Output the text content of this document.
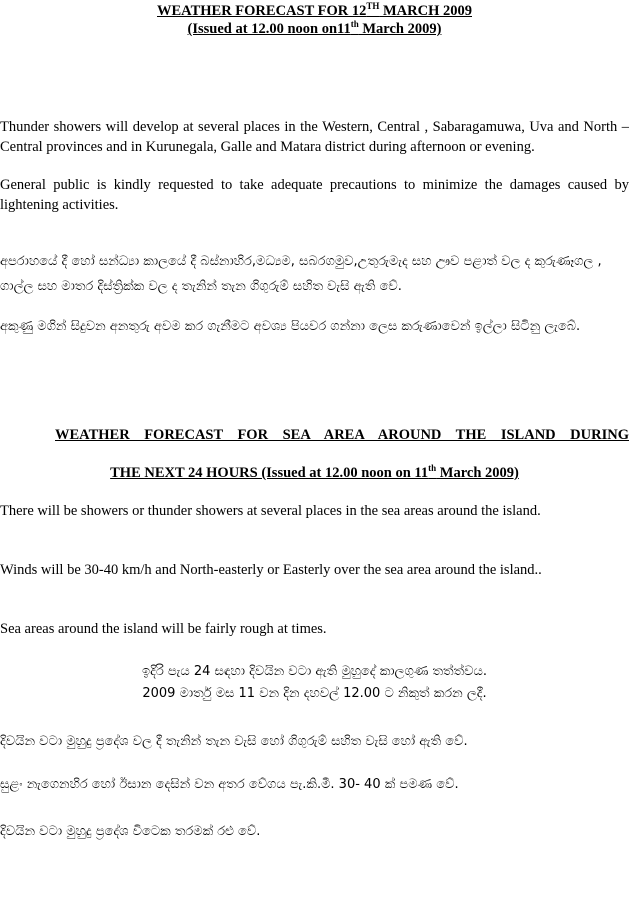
WEATHER FORECAST FOR 12TH MARCH 2009
(Issued at 12.00 noon on11th March 2009)
Thunder showers will develop at several places in the Western, Central , Sabaragamuwa, Uva and North –Central provinces and in Kurunegala, Galle and Matara district during afternoon or evening.
General public is kindly requested to take adequate precautions to minimize the damages caused by lightening activities.
අපරාහයේ දී හෝ සන්ධ්‍යා කාලයේ දී බස්නාහිර,මධ්‍යම, සබරගමුව,උතුරුමැද සහ ඌව පළාත් වල ද කුරුණෑගල , ගාල්ල සහ මාතර දිස්ත්‍රික්ක වල ද තැනින් තැන ගිගුරුම් සහිත වැසි ඇති වේ.
අකුණු මගින් සිදුවන අනතුරු අවම කර ගැනීමට අවශ්‍ය පියවර ගන්නා ලෙස කරුණාවෙන් ඉල්ලා සිටිනු ලැබේ.
WEATHER FORECAST FOR SEA AREA AROUND THE ISLAND DURING
THE NEXT 24 HOURS (Issued at 12.00 noon on 11th March 2009)
There will be showers or thunder showers at several places in the sea areas around the island.
Winds will be 30-40 km/h and North-easterly or Easterly over the sea area around the island..
Sea areas around the island will be fairly rough at times.
ඉදිරි පැය 24 සඳහා දිවයින වටා ඇති මුහුදේ කාලගුණ තත්ත්වය.
2009 මාර්තු මස 11 වන දින දහවල් 12.00 ට නිකුත් කරන ලදී.
දිවයින වටා මුහුදු ප්‍රදේශ වල දී තැනින් තැන වැසි හෝ ගිගුරුම් සහිත වැසි හෝ ඇති වේ.
සුළං නැගෙනහිර හෝ ඊසාන දෙසින් වන අතර වේගය පැ.කි.මී. 30- 40 ක් පමණ වේ.
දිවයින වටා මුහුදු ප්‍රදේශ විටෙක තරමක් රළු වේ.
